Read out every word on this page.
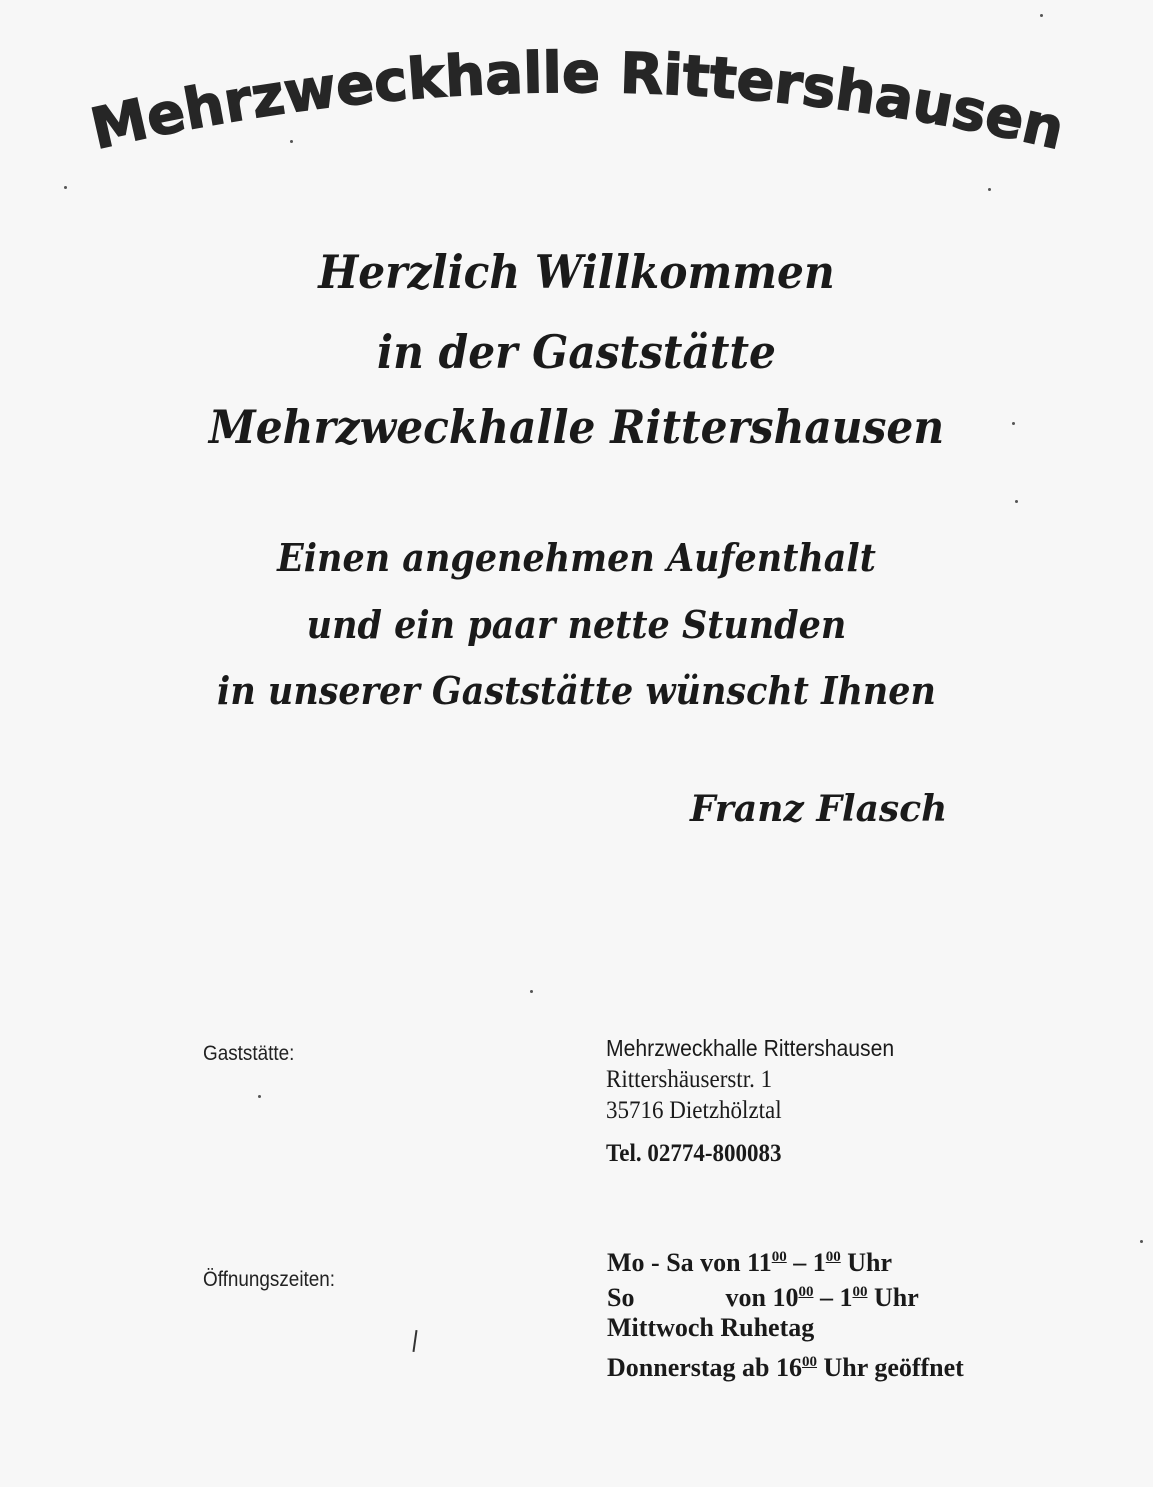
Mehrzweckhalle Rittershausen
Herzlich Willkommen
in der Gaststätte
Mehrzweckhalle Rittershausen
Einen angenehmen Aufenthalt
und ein paar nette Stunden
in unserer Gaststätte wünscht Ihnen
Franz Flasch
Gaststätte:	Mehrzweckhalle Rittershausen
Rittershäuserstr. 1
35716 Dietzhölztal
Tel. 02774-800083
Öffnungszeiten:
Mo - Sa von $11^{00} - 1^{00}$ Uhr
So	von $10^{00} - 1^{00}$ Uhr
Mittwoch Ruhetag
Donnerstag ab $16^{00}$ Uhr geöffnet
